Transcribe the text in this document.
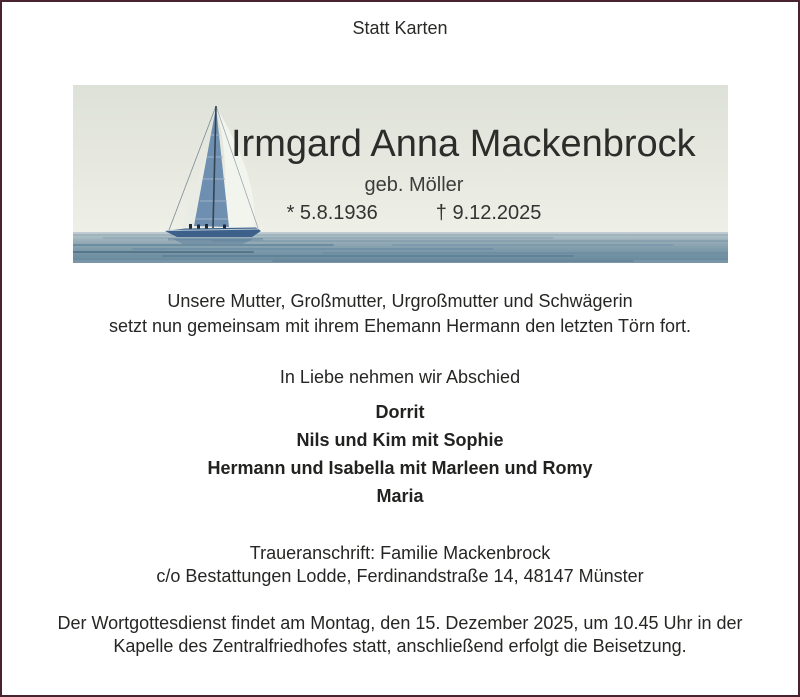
Statt Karten
Irmgard Anna Mackenbrock
geb. Möller
* 5.8.1936	† 9.12.2025
Unsere Mutter, Großmutter, Urgroßmutter und Schwägerin
setzt nun gemeinsam mit ihrem Ehemann Hermann den letzten Törn fort.
In Liebe nehmen wir Abschied
Dorrit
Nils und Kim mit Sophie
Hermann und Isabella mit Marleen und Romy
Maria
Traueranschrift: Familie Mackenbrock
c/o Bestattungen Lodde, Ferdinandstraße 14, 48147 Münster
Der Wortgottesdienst findet am Montag, den 15. Dezember 2025, um 10.45 Uhr in der
Kapelle des Zentralfriedhofes statt, anschließend erfolgt die Beisetzung.
